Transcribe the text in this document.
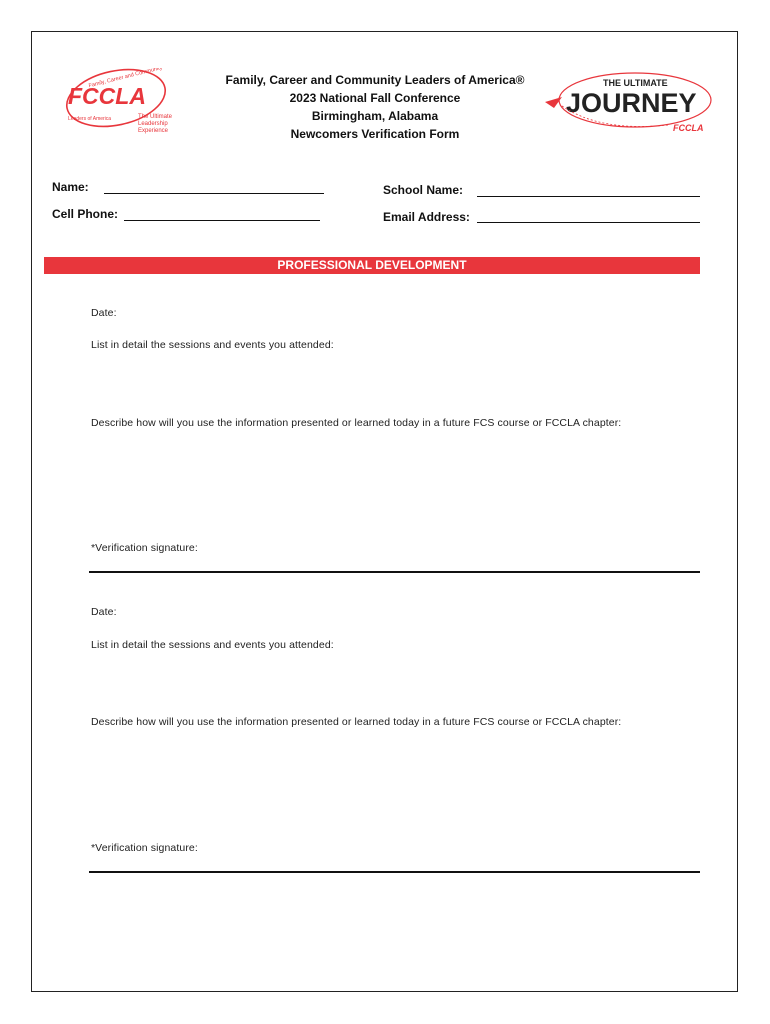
Family, Career and Community
FCCLA
Leaders of America	The Ultimate
Leadership
Experience
Family, Career and Community Leaders of America®
2023 National Fall Conference
Birmingham, Alabama
Newcomers Verification Form
THE ULTIMATE
JOURNEY
FCCLA
Name:
Cell Phone:
School Name:
Email Address:
PROFESSIONAL DEVELOPMENT
Date:
List in detail the sessions and events you attended:
Describe how will you use the information presented or learned today in a future FCS course or FCCLA chapter:
*Verification signature:
Date:
List in detail the sessions and events you attended:
Describe how will you use the information presented or learned today in a future FCS course or FCCLA chapter:
*Verification signature:
